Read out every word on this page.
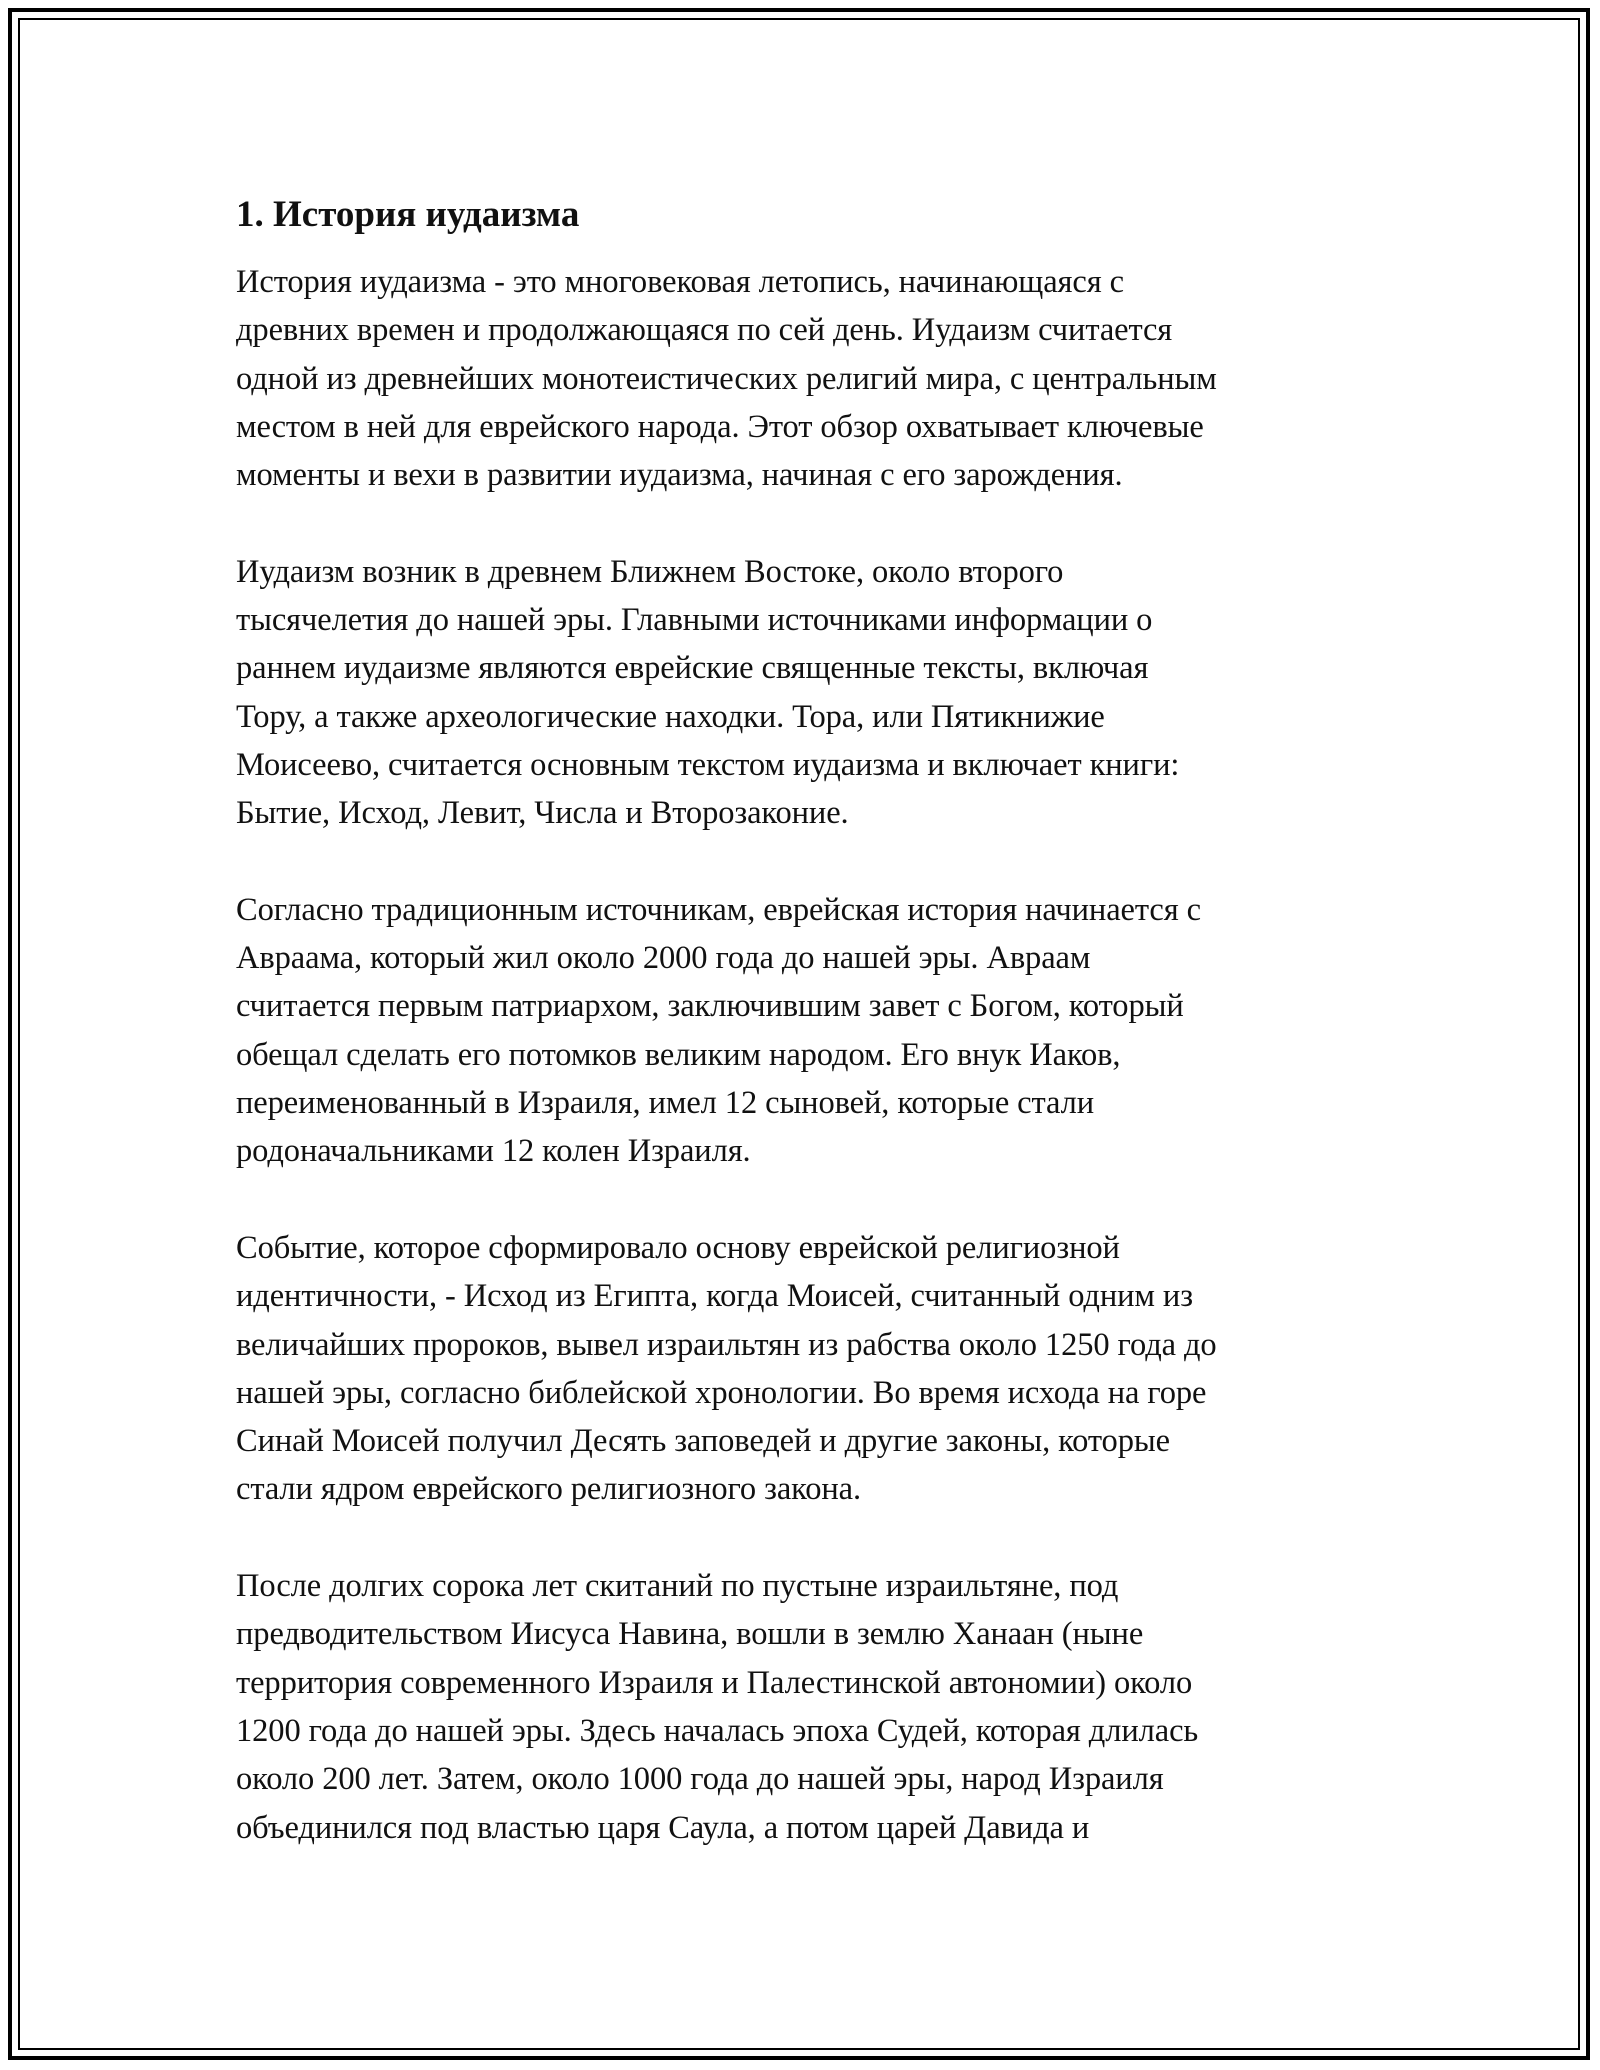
1. История иудаизма

История иудаизма - это многовековая летопись, начинающаяся с
древних времен и продолжающаяся по сей день. Иудаизм считается
одной из древнейших монотеистических религий мира, с центральным
местом в ней для еврейского народа. Этот обзор охватывает ключевые
моменты и вехи в развитии иудаизма, начиная с его зарождения.

Иудаизм возник в древнем Ближнем Востоке, около второго
тысячелетия до нашей эры. Главными источниками информации о
раннем иудаизме являются еврейские священные тексты, включая
Тору, а также археологические находки. Тора, или Пятикнижие
Моисеево, считается основным текстом иудаизма и включает книги:
Бытие, Исход, Левит, Числа и Второзаконие.

Согласно традиционным источникам, еврейская история начинается с
Авраама, который жил около 2000 года до нашей эры. Авраам
считается первым патриархом, заключившим завет с Богом, который
обещал сделать его потомков великим народом. Его внук Иаков,
переименованный в Израиля, имел 12 сыновей, которые стали
родоначальниками 12 колен Израиля.

Событие, которое сформировало основу еврейской религиозной
идентичности, - Исход из Египта, когда Моисей, считанный одним из
величайших пророков, вывел израильтян из рабства около 1250 года до
нашей эры, согласно библейской хронологии. Во время исхода на горе
Синай Моисей получил Десять заповедей и другие законы, которые
стали ядром еврейского религиозного закона.

После долгих сорока лет скитаний по пустыне израильтяне, под
предводительством Иисуса Навина, вошли в землю Ханаан (ныне
территория современного Израиля и Палестинской автономии) около
1200 года до нашей эры. Здесь началась эпоха Судей, которая длилась
около 200 лет. Затем, около 1000 года до нашей эры, народ Израиля
объединился под властью царя Саула, а потом царей Давида и
